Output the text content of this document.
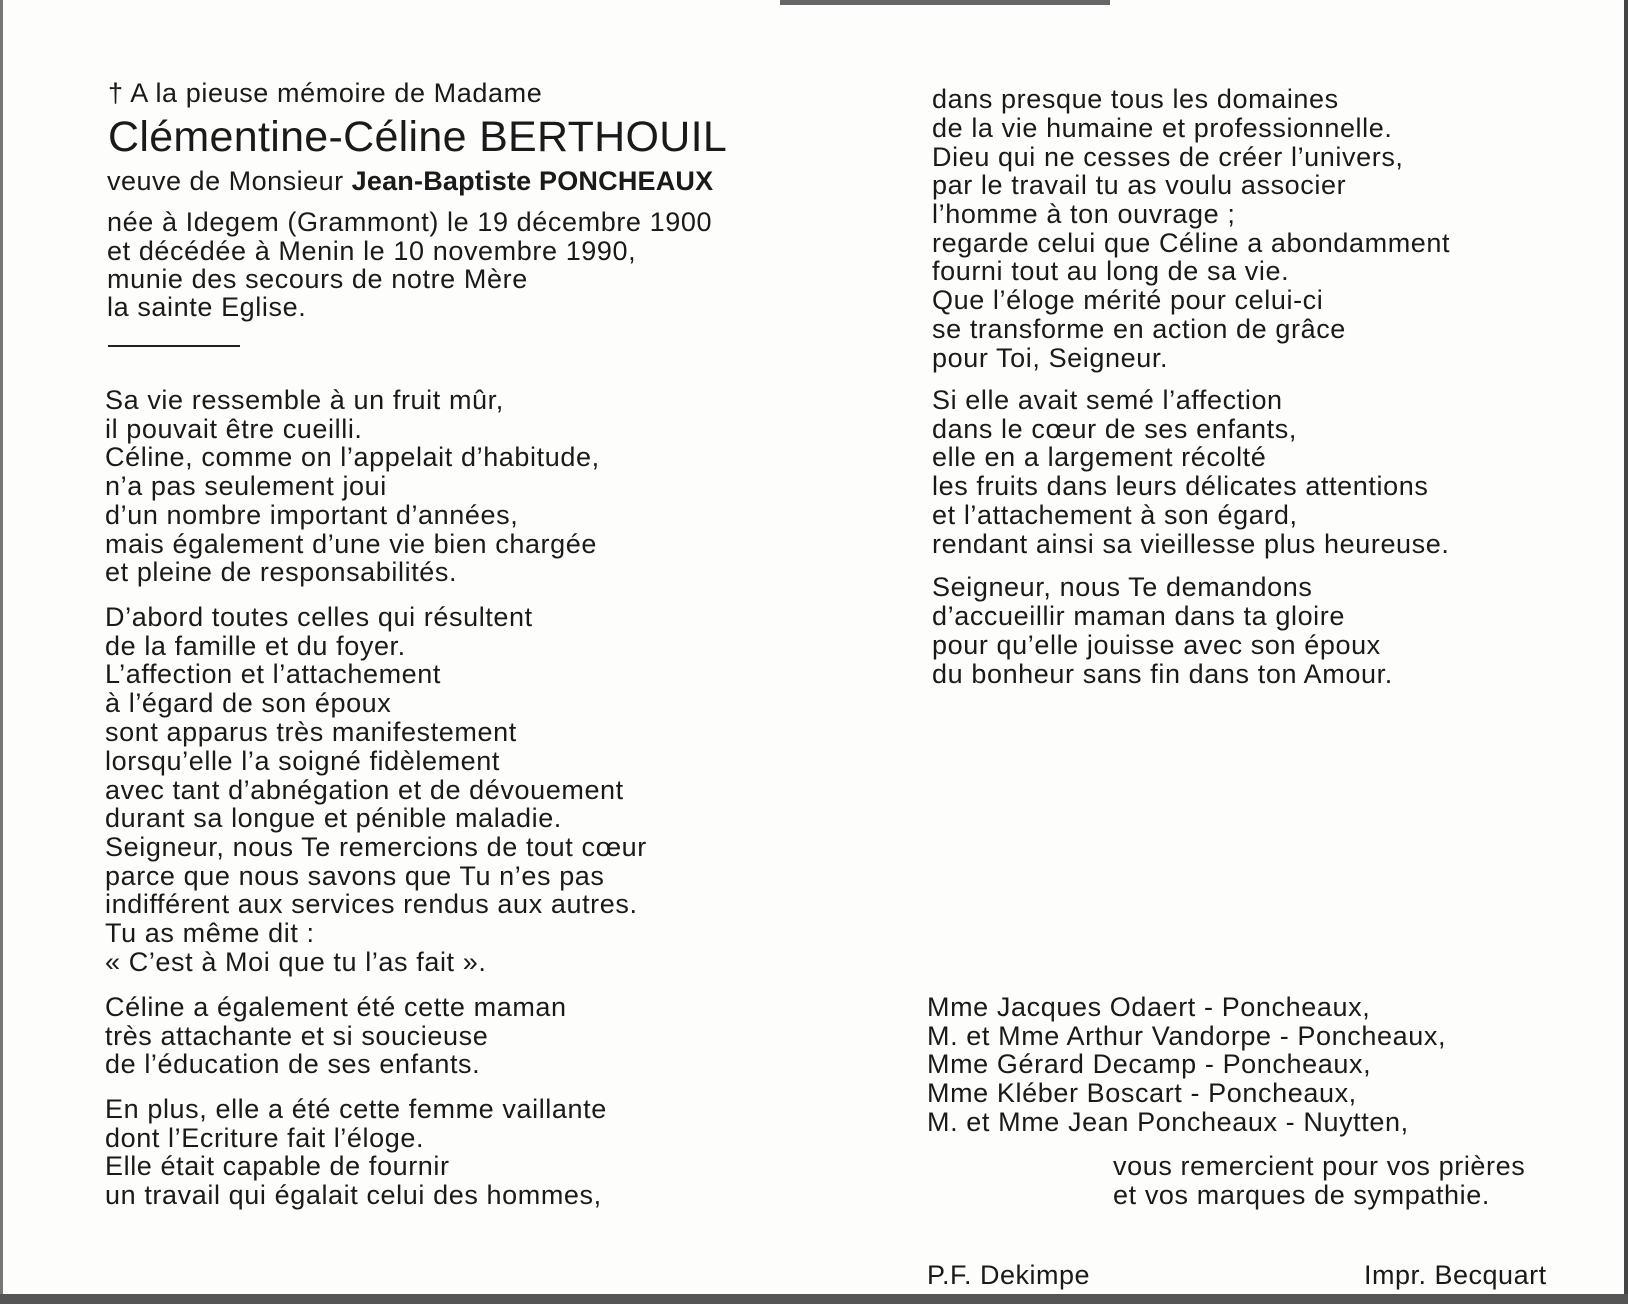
† A la pieuse mémoire de Madame
Clémentine-Céline BERTHOUIL
veuve de Monsieur Jean-Baptiste PONCHEAUX
née à Idegem (Grammont) le 19 décembre 1900
et décédée à Menin le 10 novembre 1990,
munie des secours de notre Mère
la sainte Eglise.
Sa vie ressemble à un fruit mûr,
il pouvait être cueilli.
Céline, comme on l’appelait d’habitude,
n’a pas seulement joui
d’un nombre important d’années,
mais également d’une vie bien chargée
et pleine de responsabilités.
D’abord toutes celles qui résultent
de la famille et du foyer.
L’affection et l’attachement
à l’égard de son époux
sont apparus très manifestement
lorsqu’elle l’a soigné fidèlement
avec tant d’abnégation et de dévouement
durant sa longue et pénible maladie.
Seigneur, nous Te remercions de tout cœur
parce que nous savons que Tu n’es pas
indifférent aux services rendus aux autres.
Tu as même dit :
« C’est à Moi que tu l’as fait ».
Céline a également été cette maman
très attachante et si soucieuse
de l’éducation de ses enfants.
En plus, elle a été cette femme vaillante
dont l’Ecriture fait l’éloge.
Elle était capable de fournir
un travail qui égalait celui des hommes,
dans presque tous les domaines
de la vie humaine et professionnelle.
Dieu qui ne cesses de créer l’univers,
par le travail tu as voulu associer
l’homme à ton ouvrage ;
regarde celui que Céline a abondamment
fourni tout au long de sa vie.
Que l’éloge mérité pour celui-ci
se transforme en action de grâce
pour Toi, Seigneur.
Si elle avait semé l’affection
dans le cœur de ses enfants,
elle en a largement récolté
les fruits dans leurs délicates attentions
et l’attachement à son égard,
rendant ainsi sa vieillesse plus heureuse.
Seigneur, nous Te demandons
d’accueillir maman dans ta gloire
pour qu’elle jouisse avec son époux
du bonheur sans fin dans ton Amour.
Mme Jacques Odaert - Poncheaux,
M. et Mme Arthur Vandorpe - Poncheaux,
Mme Gérard Decamp - Poncheaux,
Mme Kléber Boscart - Poncheaux,
M. et Mme Jean Poncheaux - Nuytten,
vous remercient pour vos prières
et vos marques de sympathie.
P.F. Dekimpe	Impr. Becquart
